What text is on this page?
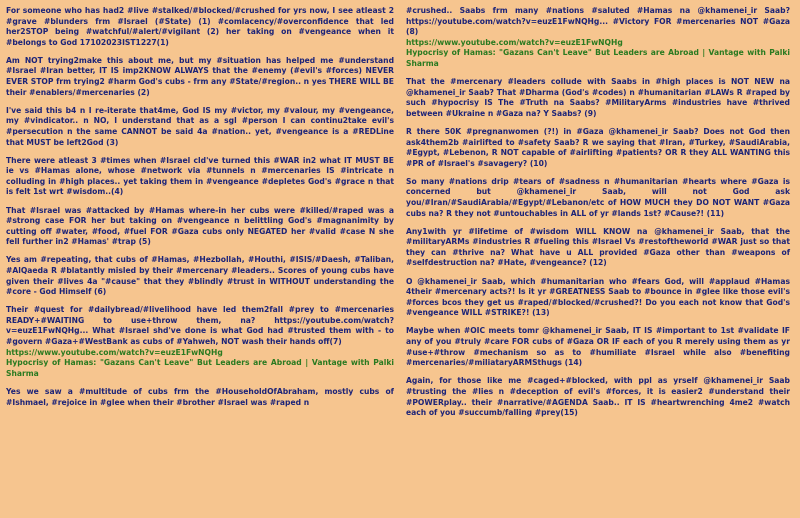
For someone who has had2 #live #stalked/#blocked/#crushed for yrs now, I see atleast 2 #grave #blunders frm #Israel (#State) (1) #comlacency/#overconfidence that led her2STOP being #watchful/#alert/#vigilant (2) her taking on #vengeance when it #belongs to God 17102023IST1227(1)

Am NOT trying2make this about me, but my #situation has helped me #understand #Israel #Iran better, IT IS imp2KNOW ALWAYS that the #enemy (#evil's #forces) NEVER EVER STOP frm trying2 #harm God's cubs - frm any #State/#region.. n yes THERE WILL BE their #enablers/#mercenaries (2)

I've said this b4 n I re-iterate that4me, God IS my #victor, my #valour, my #vengeance, my #vindicator.. n NO, I understand that as a sgl #person I can continu2take evil's #persecution n the same CANNOT be said 4a #nation.. yet, #vengeance is a #REDLine that MUST be left2God (3)

There were atleast 3 #times when #Israel cld've turned this #WAR in2 what IT MUST BE ie vs #Hamas alone, whose #network via #tunnels n #mercenaries IS #intricate n colluding in #high places.. yet taking them in #vengeance #depletes God's #grace n that is felt 1st wrt #wisdom..(4)

That #Israel was #attacked by #Hamas where-in her cubs were #killed/#raped was a #strong case FOR her but taking on #vengeance n belittling God's #magnanimity by cutting off #water, #food, #fuel FOR #Gaza cubs only NEGATED her #valid #case N she fell further in2 #Hamas' #trap (5)

Yes am #repeating, that cubs of #Hamas, #Hezbollah, #Houthi, #ISIS/#Daesh, #Taliban, #AlQaeda R #blatantly misled by their #mercenary #leaders.. Scores of young cubs have given their #lives 4a "#cause" that they #blindly #trust in WITHOUT understanding the #core - God Himself (6)

Their #quest for #dailybread/#livelihood have led them2fall #prey to #mercenaries READY+#WAITING to use+throw them, na? https://youtube.com/watch?v=euzE1FwNQHg... What #Israel shd've done is what God had #trusted them with - to #govern #Gaza+#WestBank as cubs of #Yahweh, NOT wash their hands off(7)

https://www.youtube.com/watch?v=euzE1FwNQHg

Hypocrisy of Hamas: "Gazans Can't Leave" But Leaders are Abroad | Vantage with Palki Sharma

Yes we saw a #multitude of cubs frm the #HouseholdOfAbraham, mostly cubs of #Ishmael, #rejoice in #glee when their #brother #Israel was #raped n

#crushed.. Saabs frm many #nations #saluted #Hamas na @khamenei_ir Saab?https://youtube.com/watch?v=euzE1FwNQHg... #Victory FOR #mercenaries NOT #Gaza (8)

https://www.youtube.com/watch?v=euzE1FwNQHg

Hypocrisy of Hamas: "Gazans Can't Leave" But Leaders are Abroad | Vantage with Palki Sharma

That the #mercenary #leaders collude with Saabs in #high places is NOT NEW na @khamenei_ir Saab? That #Dharma (God's #codes) n #humanitarian #LAWs R #raped by such #hypocrisy IS The #Truth na Saabs? #MilitaryArms #industries have #thrived between #Ukraine n #Gaza na? Y Saabs? (9)

R there 50K #pregnanwomen (?!) in #Gaza @khamenei_ir Saab? Does not God then ask4them2b #airlifted to #safety Saab? R we saying that #Iran, #Turkey, #SaudiArabia, #Egypt, #Lebenon, R NOT capable of #airlifting #patients? OR R they ALL WANTING this #PR of #Israel's #savagery? (10)

So many #nations drip #tears of #sadness n #humanitarian #hearts where #Gaza is concerned but @khamenei_ir Saab, will not God ask you/#Iran/#SaudiArabia/#Egypt/#Lebanon/etc of HOW MUCH they DO NOT WANT #Gaza cubs na? R they not #untouchables in ALL of yr #lands 1st? #Cause?! (11)

Any1with yr #lifetime of #wisdom WILL KNOW na @khamenei_ir Saab, that the #militaryARMs #industries R #fueling this #Israel Vs #restoftheworld #WAR just so that they can #thrive na? What have u ALL provided #Gaza other than #weapons of #selfdestruction na? #Hate, #vengeance? (12)

O @khamenei_ir Saab, which #humanitarian who #fears God, will #applaud #Hamas 4their #mercenary acts?! Is it yr #GREATNESS Saab to #bounce in #glee like those evil's #forces bcos they get us #raped/#blocked/#crushed?! Do you each not know that God's #vengeance WILL #STRIKE?! (13)

Maybe when #OIC meets tomr @khamenei_ir Saab, IT IS #important to 1st #validate IF any of you #truly #care FOR cubs of #Gaza OR IF each of you R merely using them as yr #use+#throw #mechanism so as to #humiliate #Israel while also #benefiting #mercenaries/#miliataryARMSthugs (14)

Again, for those like me #caged+#blocked, with ppl as yrself @khamenei_ir Saab #trusting the #lies n #deception of evil's #forces, it is easier2 #understand their #POWERplay.. their #narrative/#AGENDA Saab.. IT IS #heartwrenching 4me2 #watch each of you #succumb/falling #prey(15)
